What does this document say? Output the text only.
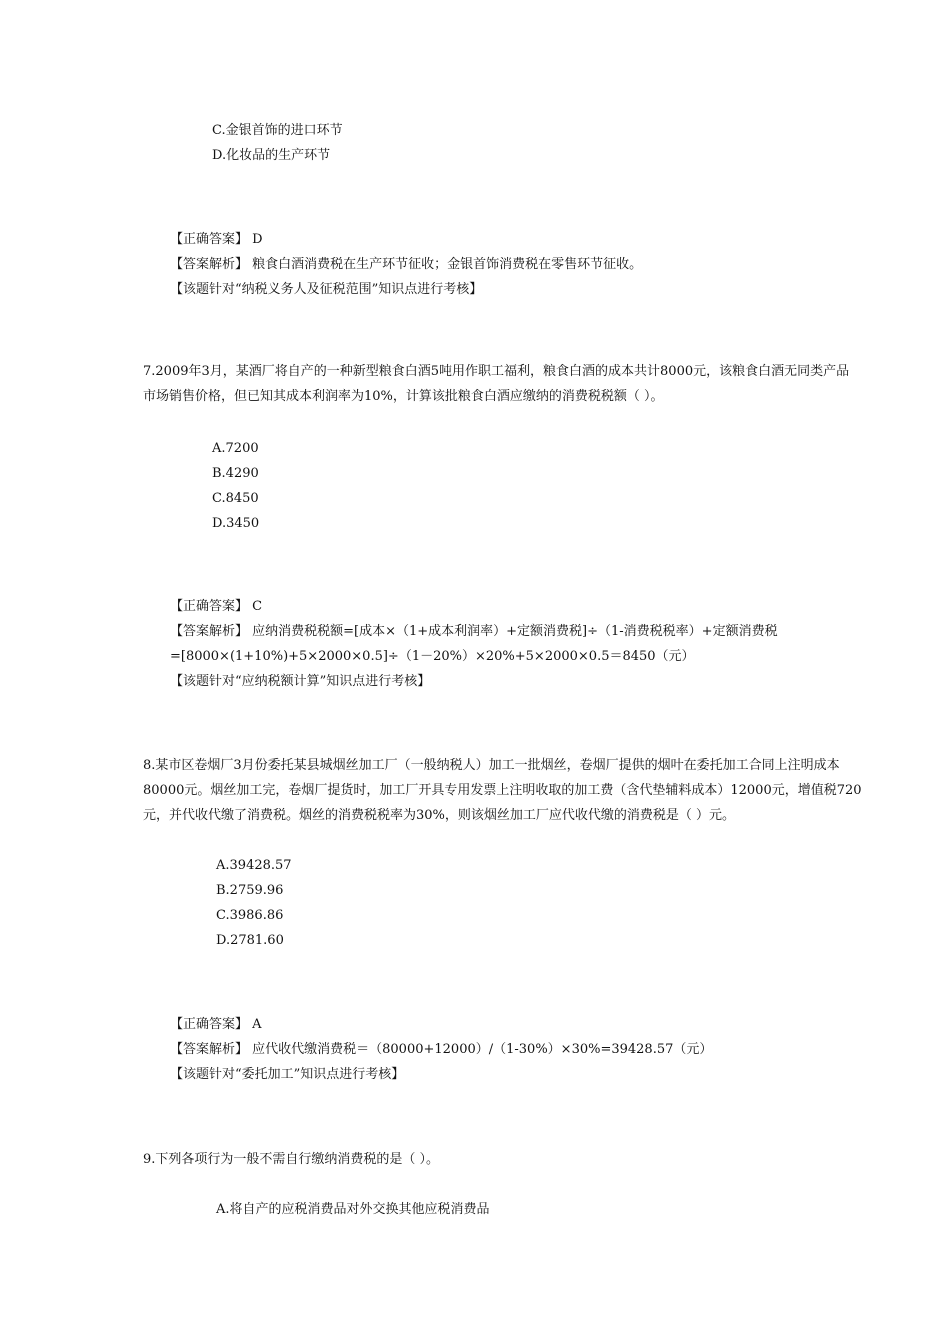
C.金银首饰的进口环节
D.化妆品的生产环节
【正确答案】 D
【答案解析】 粮食白酒消费税在生产环节征收；金银首饰消费税在零售环节征收。
【该题针对“纳税义务人及征税范围”知识点进行考核】
7.2009年3月，某酒厂将自产的一种新型粮食白酒5吨用作职工福利，粮食白酒的成本共计8000元，该粮食白酒无同类产品
市场销售价格，但已知其成本利润率为10%，计算该批粮食白酒应缴纳的消费税税额（ ）。
A.7200
B.4290
C.8450
D.3450
【正确答案】 C
【答案解析】 应纳消费税税额=[成本×（1+成本利润率）+定额消费税]÷（1-消费税税率）+定额消费税
=[8000×(1+10%)+5×2000×0.5]÷（1－20%）×20%+5×2000×0.5＝8450（元）
【该题针对“应纳税额计算”知识点进行考核】
8.某市区卷烟厂3月份委托某县城烟丝加工厂（一般纳税人）加工一批烟丝，卷烟厂提供的烟叶在委托加工合同上注明成本
80000元。烟丝加工完，卷烟厂提货时，加工厂开具专用发票上注明收取的加工费（含代垫辅料成本）12000元，增值税720
元，并代收代缴了消费税。烟丝的消费税税率为30%，则该烟丝加工厂应代收代缴的消费税是（ ）元。
A.39428.57
B.2759.96
C.3986.86
D.2781.60
【正确答案】 A
【答案解析】 应代收代缴消费税＝（80000+12000）/（1-30%）×30%=39428.57（元）
【该题针对“委托加工”知识点进行考核】
9.下列各项行为一般不需自行缴纳消费税的是（ ）。
A.将自产的应税消费品对外交换其他应税消费品
